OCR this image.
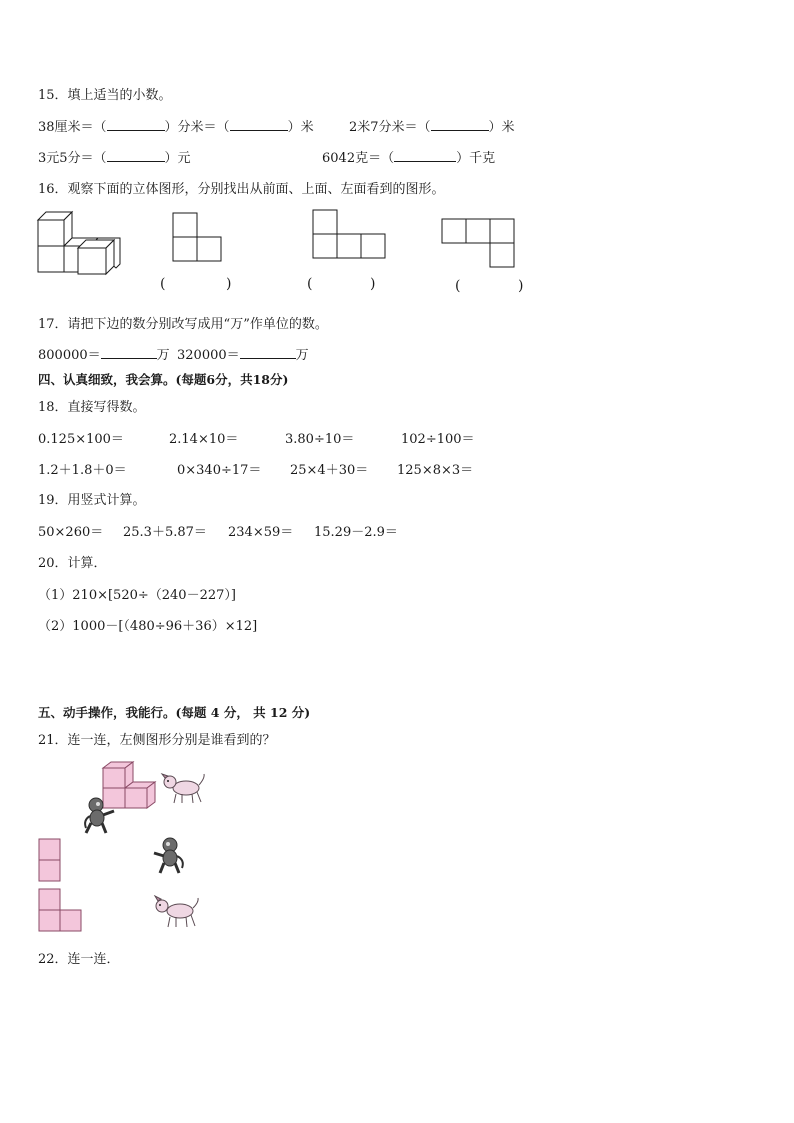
15．填上适当的小数。
38厘米＝（	）分米＝（	）米	2米7分米＝（	）米
3元5分＝（	）元	6042克＝（	）千克
16．观察下面的立体图形，分别找出从前面、上面、左面看到的图形。
(	)	(	)	(	)
17．请把下边的数分别改写成用“万”作单位的数。
800000＝	万 320000＝	万
四、认真细致，我会算。(每题6分，共18分)
18．直接写得数。
0.125×100＝	2.14×10＝	3.80÷10＝	102÷100＝
1.2＋1.8＋0＝	0×340÷17＝ 25×4＋30＝ 125×8×3＝
19．用竖式计算。
50×260＝ 25.3＋5.87＝ 234×59＝ 15.29－2.9＝
20．计算．
（1）210×[520÷（240－227）]
（2）1000－[（480÷96＋36）×12]
五、动手操作，我能行。(每题 4 分， 共 12 分)
21．连一连，左侧图形分别是谁看到的？
22．连一连．
